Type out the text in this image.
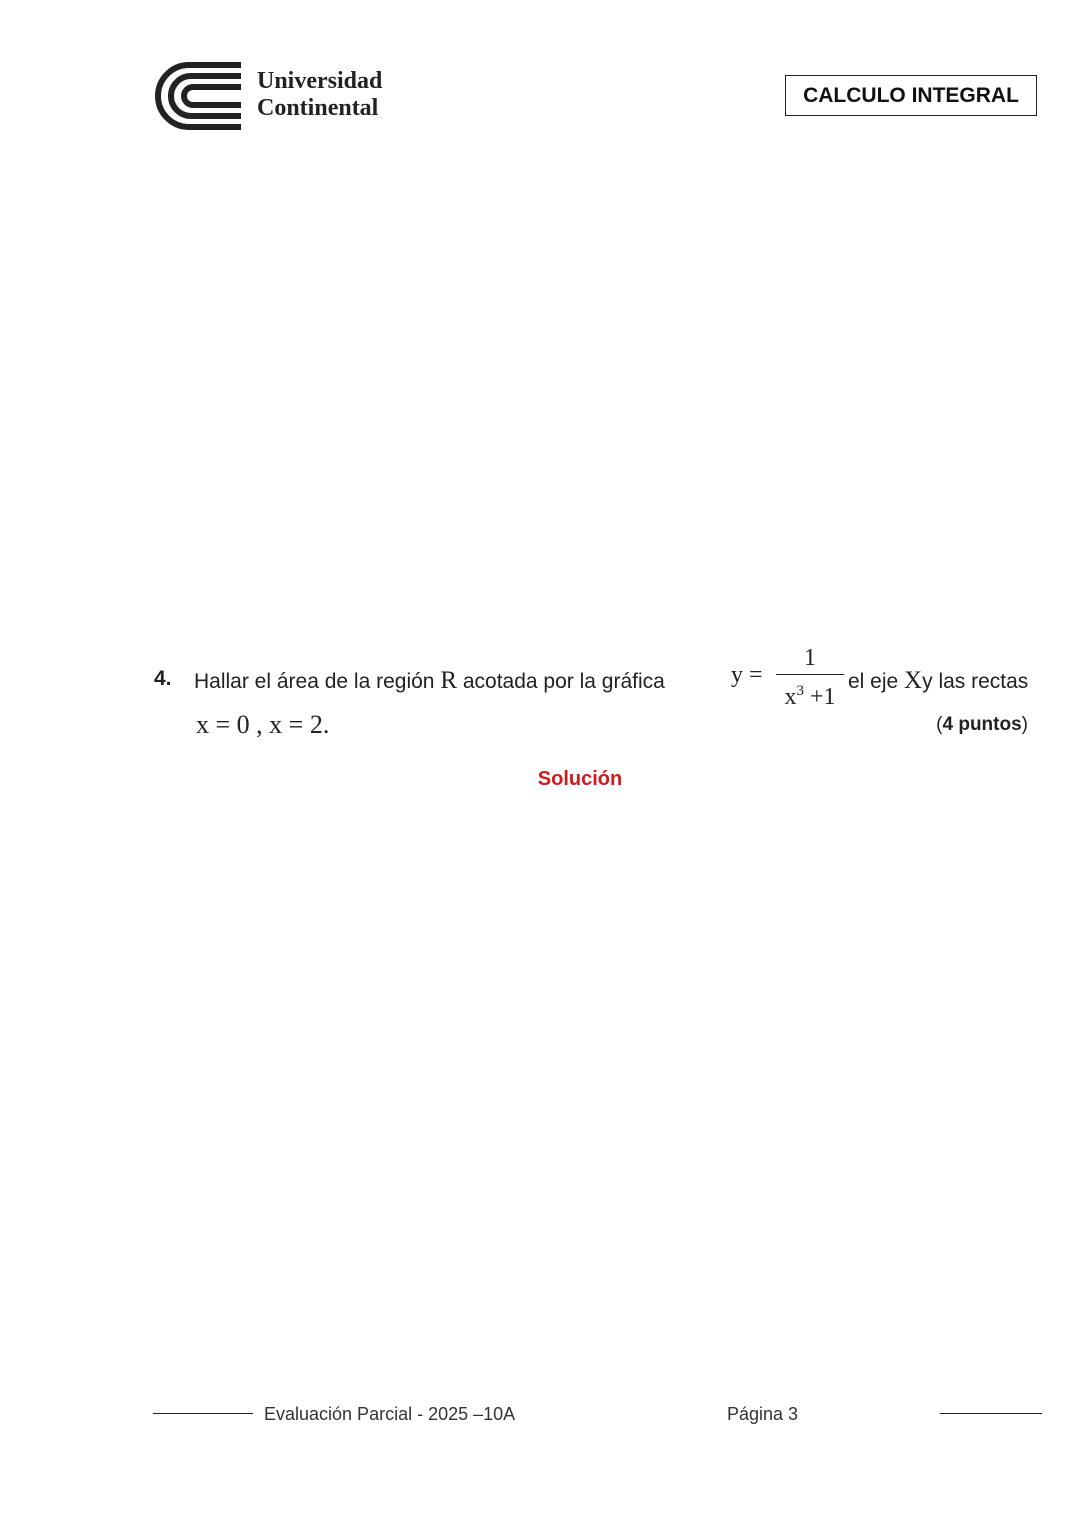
Universidad
Continental	CALCULO INTEGRAL
4. Hallar el área de la región R acotada por la gráfica	y =
1
$x^3 +1$
el eje Xy las rectas
x = 0 , x = 2.	(4 puntos)
Solución
Evaluación Parcial - 2025 –10A	Página 3
